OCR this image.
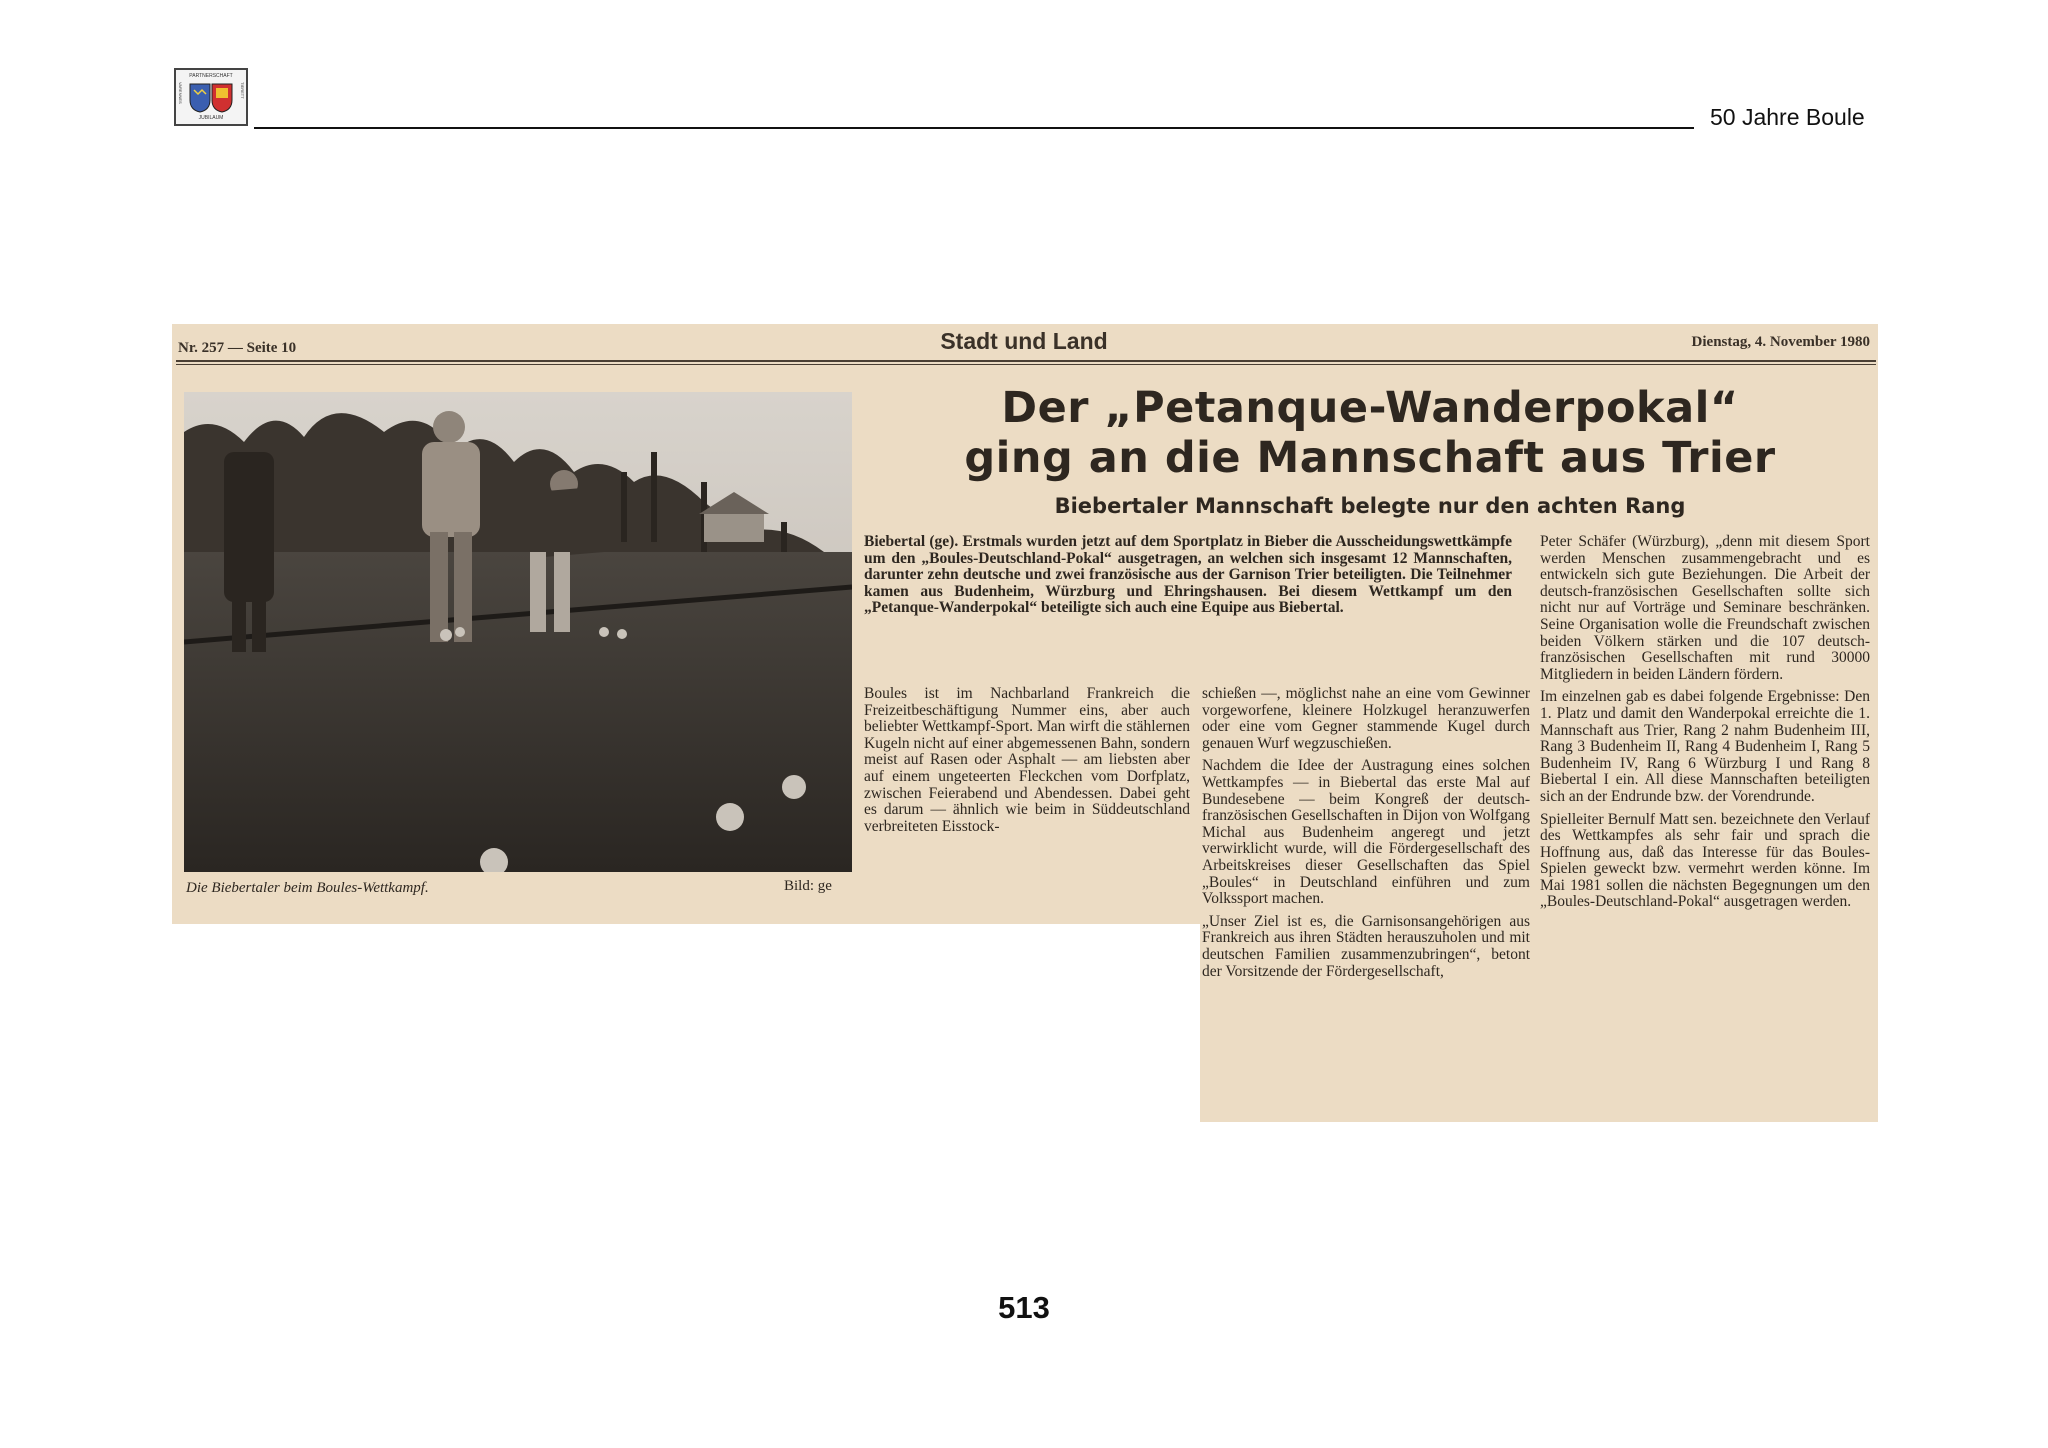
PARTNERSCHAFT
VARENNES	TIERETT
JUBILÄUM	50 Jahre Boule
Nr. 257 — Seite 10	Stadt und Land	Dienstag, 4. November 1980
Die Biebertaler beim Boules-Wettkampf.	Bild: ge
Der „Petanque-Wanderpokal“
ging an die Mannschaft aus Trier
Biebertaler Mannschaft belegte nur den achten Rang

Biebertal (ge). Erstmals wurden jetzt auf dem Sportplatz in Bieber die Ausscheidungswettkämpfe um den „Boules-Deutschland-Pokal“ ausgetragen, an welchen sich insgesamt 12 Mannschaften, darunter zehn deutsche und zwei französische aus der Garnison Trier beteiligten. Die Teilnehmer kamen aus Budenheim, Würzburg und Ehringshausen. Bei diesem Wettkampf um den „Petanque-Wanderpokal“ beteiligte sich auch eine Equipe aus Biebertal.

Boules ist im Nachbarland Frankreich die Freizeitbeschäftigung Nummer eins, aber auch beliebter Wettkampf-Sport. Man wirft die stählernen Kugeln nicht auf einer abgemessenen Bahn, sondern meist auf Rasen oder Asphalt — am liebsten aber auf einem ungeteerten Fleckchen vom Dorfplatz, zwischen Feierabend und Abendessen. Dabei geht es darum — ähnlich wie beim in Süddeutschland verbreiteten Eisstock-

schießen —, möglichst nahe an eine vom Gewinner vorgeworfene, kleinere Holzkugel heranzuwerfen oder eine vom Gegner stammende Kugel durch genauen Wurf wegzuschießen.

Nachdem die Idee der Austragung eines solchen Wettkampfes — in Biebertal das erste Mal auf Bundesebene — beim Kongreß der deutsch-französischen Gesellschaften in Dijon von Wolfgang Michal aus Budenheim angeregt und jetzt verwirklicht wurde, will die Fördergesellschaft des Arbeitskreises dieser Gesellschaften das Spiel „Boules“ in Deutschland einführen und zum Volkssport machen.

„Unser Ziel ist es, die Garnisonsangehörigen aus Frankreich aus ihren Städten herauszuholen und mit deutschen Familien zusammenzubringen“, betont der Vorsitzende der Fördergesellschaft,

Peter Schäfer (Würzburg), „denn mit diesem Sport werden Menschen zusammengebracht und es entwickeln sich gute Beziehungen. Die Arbeit der deutsch-französischen Gesellschaften sollte sich nicht nur auf Vorträge und Seminare beschränken. Seine Organisation wolle die Freundschaft zwischen beiden Völkern stärken und die 107 deutsch-französischen Gesellschaften mit rund 30000 Mitgliedern in beiden Ländern fördern.

Im einzelnen gab es dabei folgende Ergebnisse: Den 1. Platz und damit den Wanderpokal erreichte die 1. Mannschaft aus Trier, Rang 2 nahm Budenheim III, Rang 3 Budenheim II, Rang 4 Budenheim I, Rang 5 Budenheim IV, Rang 6 Würzburg I und Rang 8 Biebertal I ein. All diese Mannschaften beteiligten sich an der Endrunde bzw. der Vorendrunde.

Spielleiter Bernulf Matt sen. bezeichnete den Verlauf des Wettkampfes als sehr fair und sprach die Hoffnung aus, daß das Interesse für das Boules-Spielen geweckt bzw. vermehrt werden könne. Im Mai 1981 sollen die nächsten Begegnungen um den „Boules-Deutschland-Pokal“ ausgetragen werden.

513
